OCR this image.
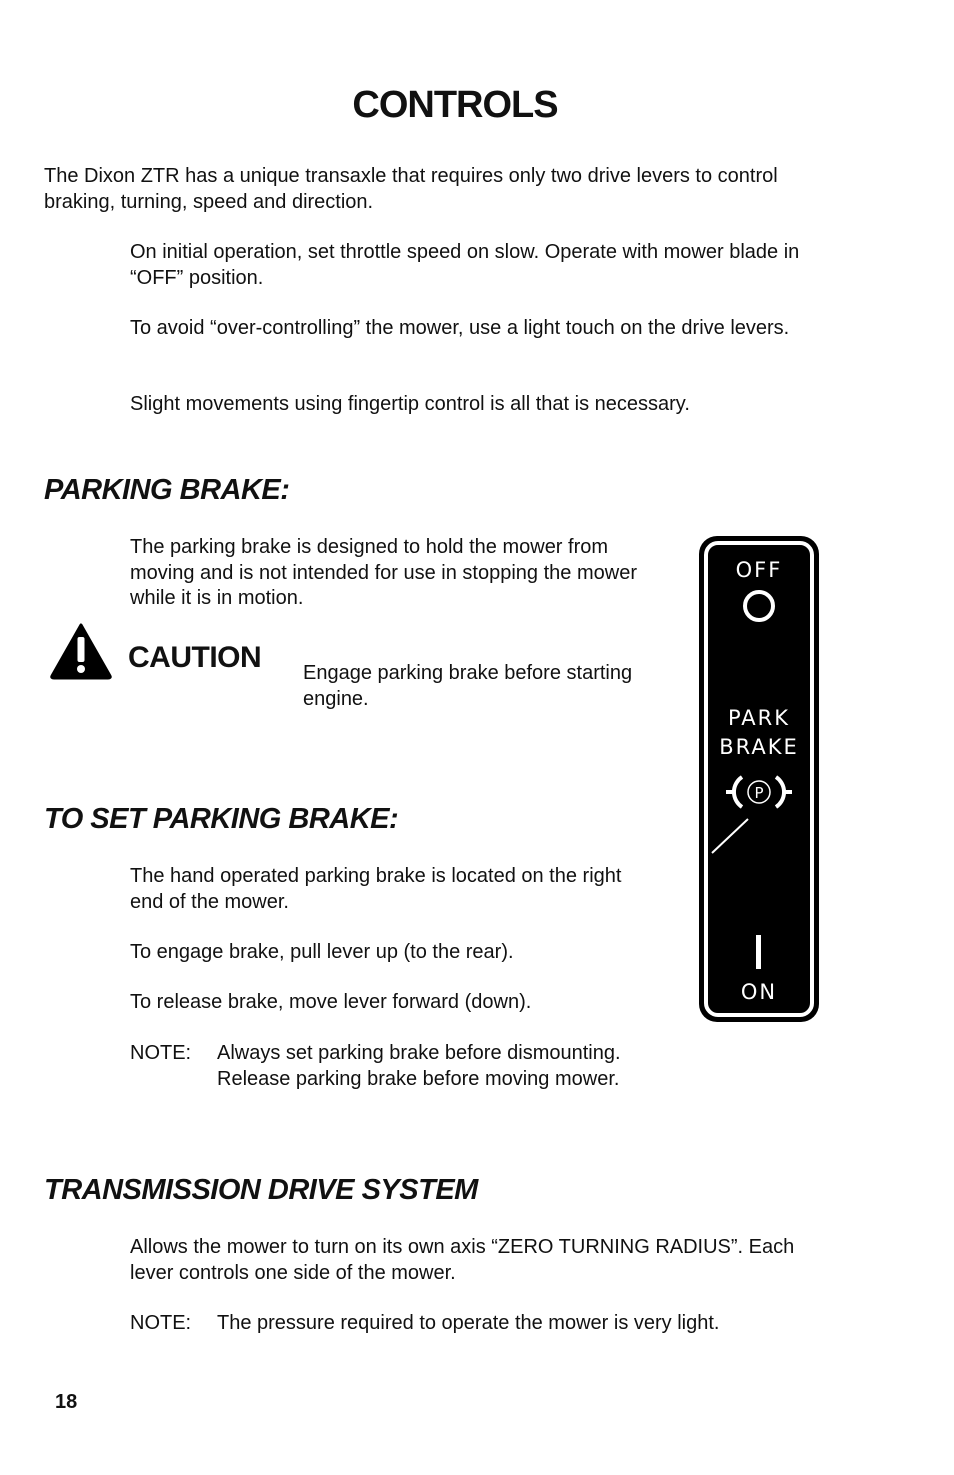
CONTROLS

The Dixon ZTR has a unique transaxle that requires only two drive levers to control braking, turning, speed and direction.

On initial operation, set throttle speed on slow. Operate with mower blade in “OFF” position.

To avoid “over-controlling” the mower, use a light touch on the drive levers.

Slight movements using fingertip control is all that is necessary.

PARKING BRAKE:

The parking brake is designed to hold the mower from moving and is not intended for use in stopping the mower while it is in motion.

CAUTION Engage parking brake before starting engine.

TO SET PARKING BRAKE:

The hand operated parking brake is located on the right end of the mower.

To engage brake, pull lever up (to the rear).

To release brake, move lever forward (down).

NOTE:	Always set parking brake before dismounting. Release parking brake before moving mower.
OFF
PARK
BRAKE
P
ON
TRANSMISSION DRIVE SYSTEM

Allows the mower to turn on its own axis “ZERO TURNING RADIUS”. Each lever controls one side of the mower.

NOTE:	The pressure required to operate the mower is very light.
18
